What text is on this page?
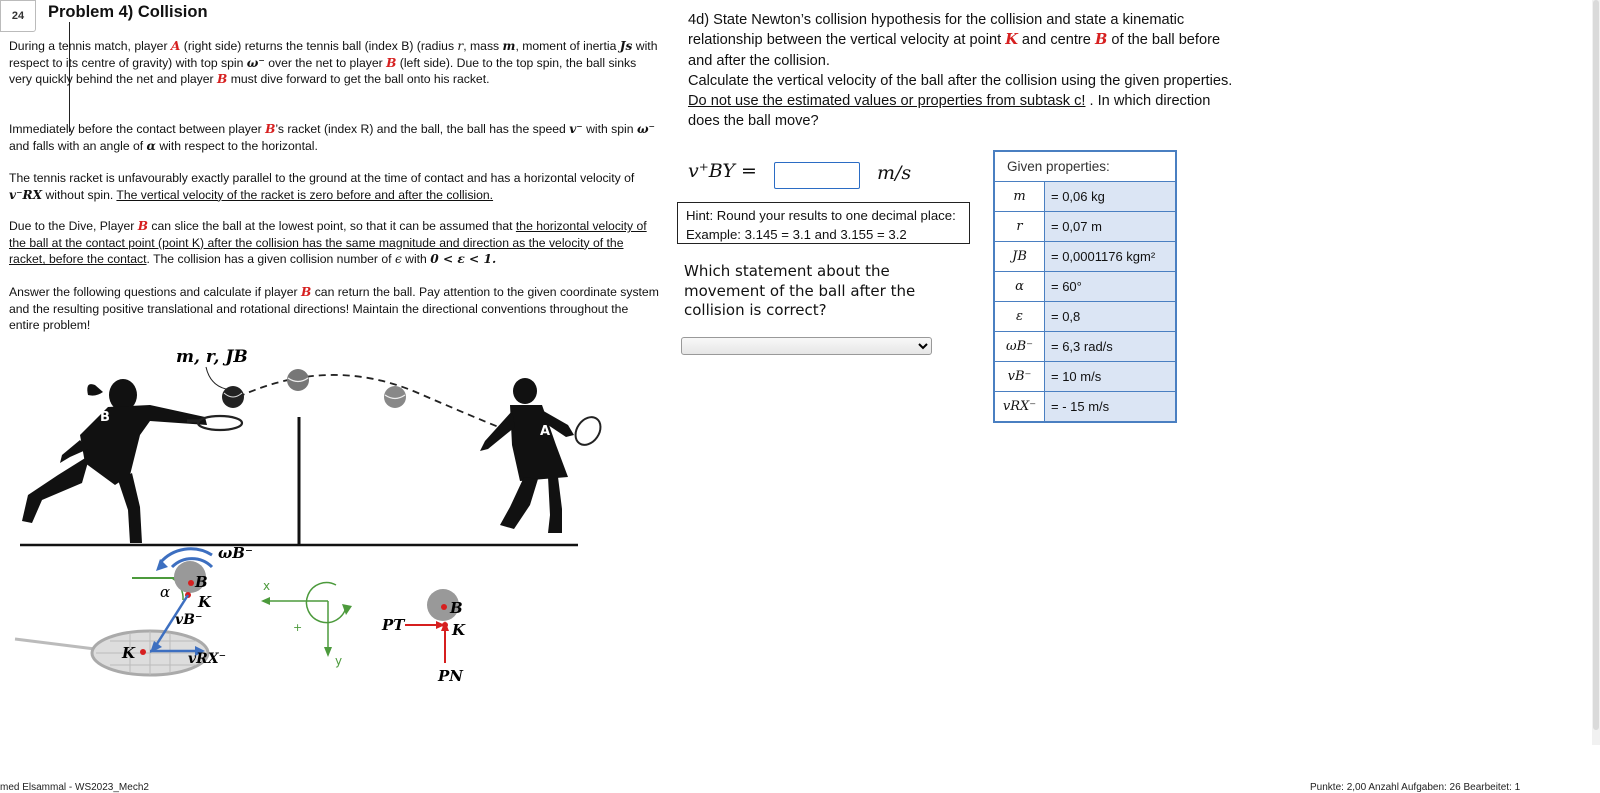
24	Problem 4) Collision
During a tennis match, player A (right side) returns the tennis ball (index B) (radius r, mass m, moment of inertia Js with respect to its centre of gravity) with top spin ω⁻ over the net to player B (left side). Due to the top spin, the ball sinks very quickly behind the net and player B must dive forward to get the ball onto his racket.
Immediately before the contact between player B’s racket (index R) and the ball, the ball has the speed v⁻ with spin ω⁻ and falls with an angle of α with respect to the horizontal.
The tennis racket is unfavourably exactly parallel to the ground at the time of contact and has a horizontal velocity of v⁻RX without spin. The vertical velocity of the racket is zero before and after the collision.
Due to the Dive, Player B can slice the ball at the lowest point, so that it can be assumed that the horizontal velocity of the ball at the contact point (point K) after the collision has the same magnitude and direction as the velocity of the racket, before the contact. The collision has a given collision number of ϵ with 0 < ε < 1.
Answer the following questions and calculate if player B can return the ball. Pay attention to the given coordinate system and the resulting positive translational and rotational directions! Maintain the directional conventions throughout the entire problem!
m, r, JB
B
A
ωB⁻
α
B
K
vB⁻
vRX⁻
K
x
y
+	PT
B
K
PN
4d) State Newton’s collision hypothesis for the collision and state a kinematic
relationship between the vertical velocity at point K and centre B of the ball before
and after the collision.
Calculate the vertical velocity of the ball after the collision using the given properties.
Do not use the estimated values or properties from subtask c! . In which direction
does the ball move?
v⁺BY =	m/s
Hint: Round your results to one decimal place:
Example: 3.145 = 3.1 and 3.155 = 3.2
Which statement about the movement of the ball after the collision is correct?
Given properties:	
m	= 0,06 kg
r	= 0,07 m
JB	= 0,0001176 kgm²
α	= 60°
ε	= 0,8
ωB⁻	= 6,3 rad/s
vB⁻	= 10 m/s
vRX⁻	= - 15 m/s
med Elsammal - WS2023_Mech2	Punkte: 2,00 Anzahl Aufgaben: 26 Bearbeitet: 1
